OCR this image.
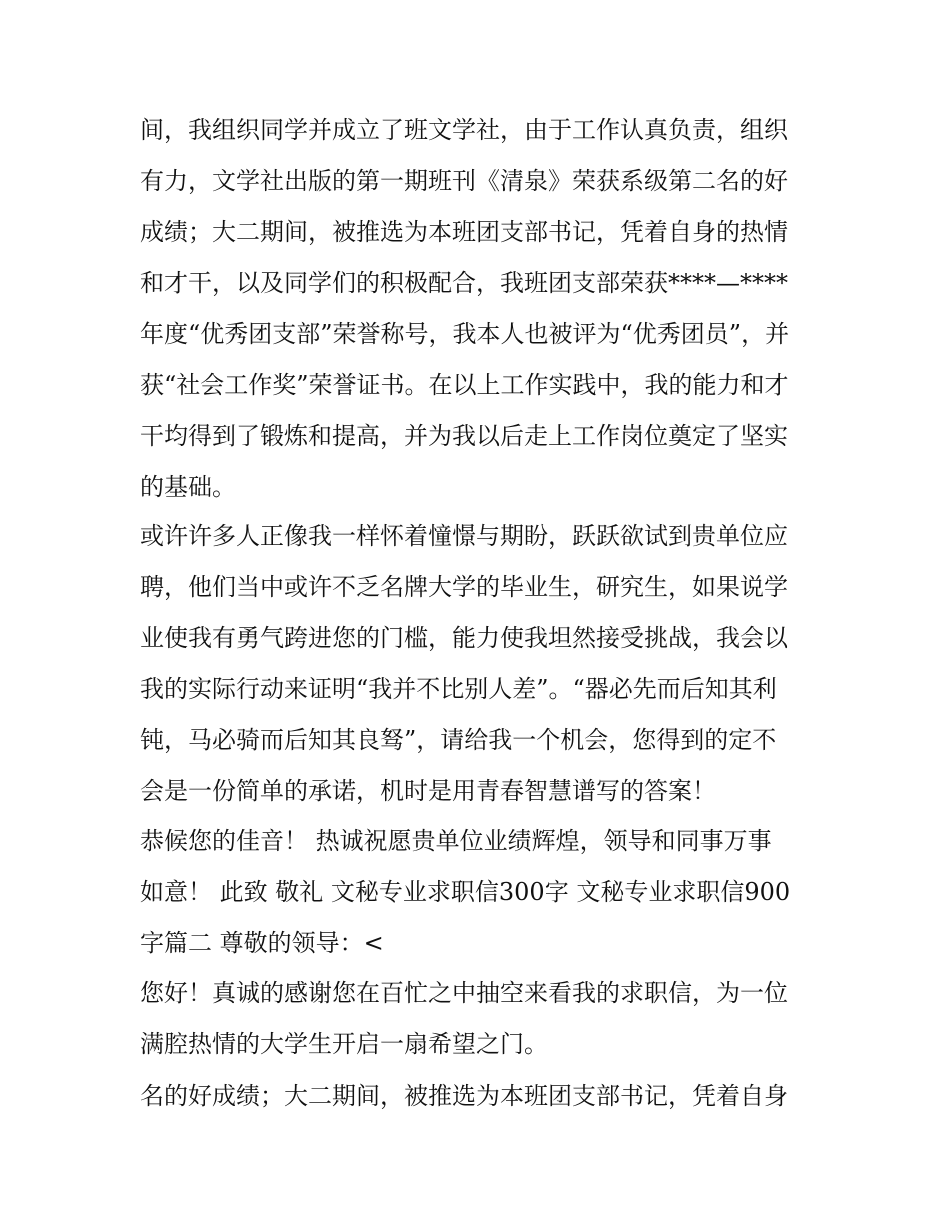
间，我组织同学并成立了班文学社，由于工作认真负责，组织
有力，文学社出版的第一期班刊《清泉》荣获系级第二名的好
成绩；大二期间，被推选为本班团支部书记，凭着自身的热情
和才干，以及同学们的积极配合，我班团支部荣获****—****
年度“优秀团支部”荣誉称号，我本人也被评为“优秀团员”，并
获“社会工作奖”荣誉证书。在以上工作实践中，我的能力和才
干均得到了锻炼和提高，并为我以后走上工作岗位奠定了坚实
的基础。
或许许多人正像我一样怀着憧憬与期盼，跃跃欲试到贵单位应
聘，他们当中或许不乏名牌大学的毕业生，研究生，如果说学
业使我有勇气跨进您的门槛，能力使我坦然接受挑战，我会以
我的实际行动来证明“我并不比别人差”。“器必先而后知其利
钝，马必骑而后知其良驽”，请给我一个机会，您得到的定不
会是一份简单的承诺，机时是用青春智慧谱写的答案！
恭候您的佳音！ 热诚祝愿贵单位业绩辉煌，领导和同事万事
如意！ 此致 敬礼 文秘专业求职信300字 文秘专业求职信900
字篇二 尊敬的领导：<
您好！真诚的感谢您在百忙之中抽空来看我的求职信，为一位
满腔热情的大学生开启一扇希望之门。
名的好成绩；大二期间，被推选为本班团支部书记，凭着自身
